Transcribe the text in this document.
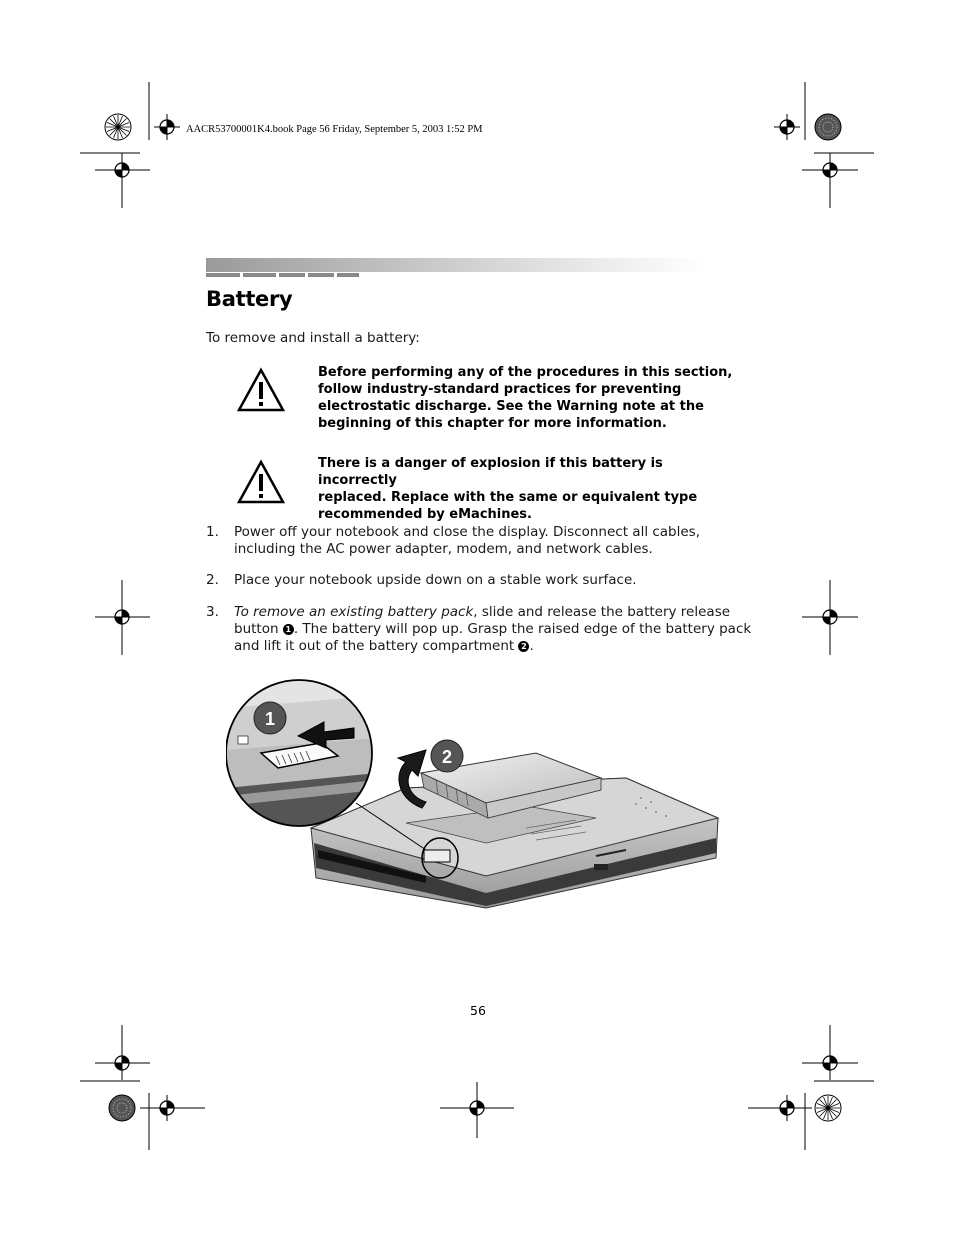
AACR53700001K4.book Page 56 Friday, September 5, 2003 1:52 PM
Battery
To remove and install a battery:
Before performing any of the procedures in this section,
follow industry-standard practices for preventing
electrostatic discharge. See the Warning note at the
beginning of this chapter for more information.
There is a danger of explosion if this battery is incorrectly
replaced. Replace with the same or equivalent type
recommended by eMachines.
1. Power off your notebook and close the display. Disconnect all cables,
including the AC power adapter, modem, and network cables.
2. Place your notebook upside down on a stable work surface.
3. To remove an existing battery pack, slide and release the battery release
button 1 . The battery will pop up. Grasp the raised edge of the battery pack
and lift it out of the battery compartment 2 .
2
1
56
